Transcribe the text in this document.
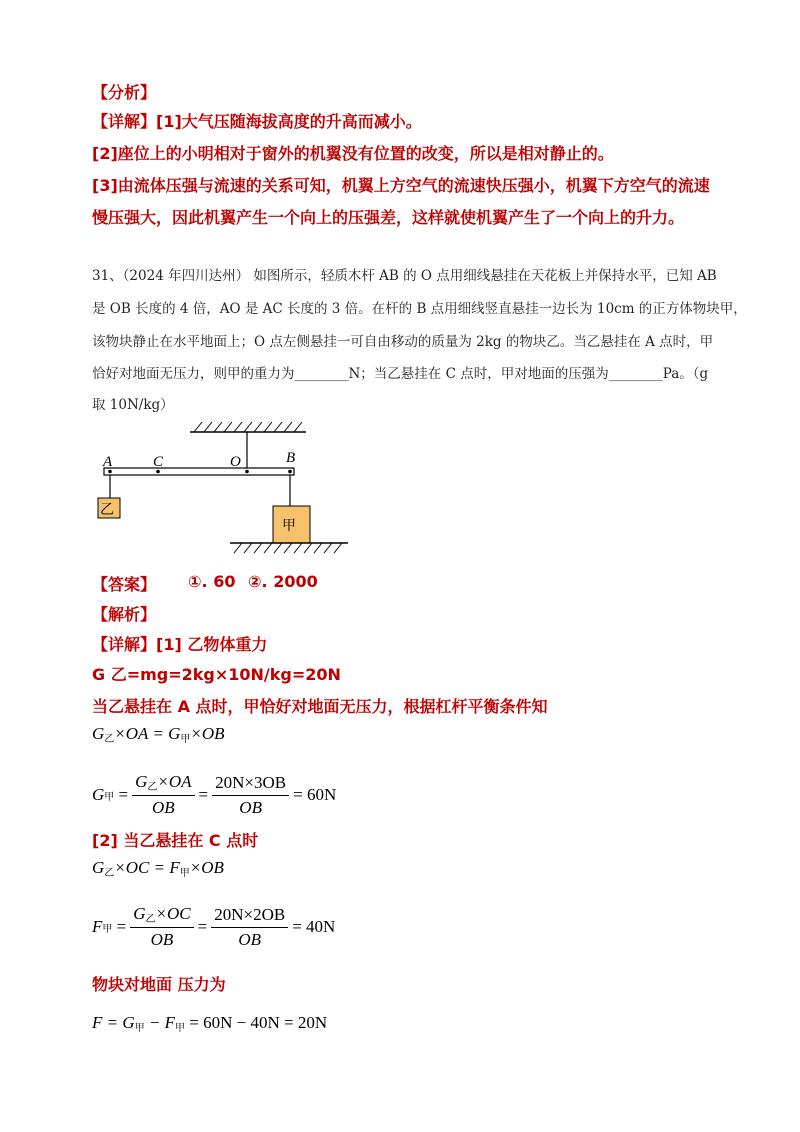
【分析】
【详解】[1]大气压随海拔高度的升高而减小。
[2]座位上的小明相对于窗外的机翼没有位置的改变，所以是相对静止的。
[3]由流体压强与流速的关系可知，机翼上方空气的流速快压强小，机翼下方空气的流速
慢压强大，因此机翼产生一个向上的压强差，这样就使机翼产生了一个向上的升力。
31、（2024 年四川达州） 如图所示，轻质木杆 AB 的 O 点用细线悬挂在天花板上并保持水平，已知 AB
是 OB 长度的 4 倍，AO 是 AC 长度的 3 倍。在杆的 B 点用细线竖直悬挂一边长为 10cm 的正方体物块甲，
该物块静止在水平地面上；O 点左侧悬挂一可自由移动的质量为 2kg 的物块乙。当乙悬挂在 A 点时，甲
恰好对地面无压力，则甲的重力为________N；当乙悬挂在 C 点时，甲对地面的压强为________Pa。（g
取 10N/kg）
A	C	O	B
乙
甲
【答案】 ①. 60 ②. 2000
【解析】
【详解】[1] 乙物体重力
G 乙=mg=2kg×10N/kg=20N
当乙悬挂在 A 点时，甲恰好对地面无压力，根据杠杆平衡条件知
$G_乙\times OA = G_甲\times OB$
G 甲 = $\frac{G_乙\times OA}{OB} = \frac{20N\times 3OB}{OB} = 60N$
[2] 当乙悬挂在 C 点时
$G_乙\times OC = F_甲\times OB$
F 甲 = $\frac{G_乙\times OC}{OB} = \frac{20N\times 2OB}{OB} = 40N$
物块对地面 压力为
$F = G_甲 - F_甲 = 60N - 40N = 20N$
